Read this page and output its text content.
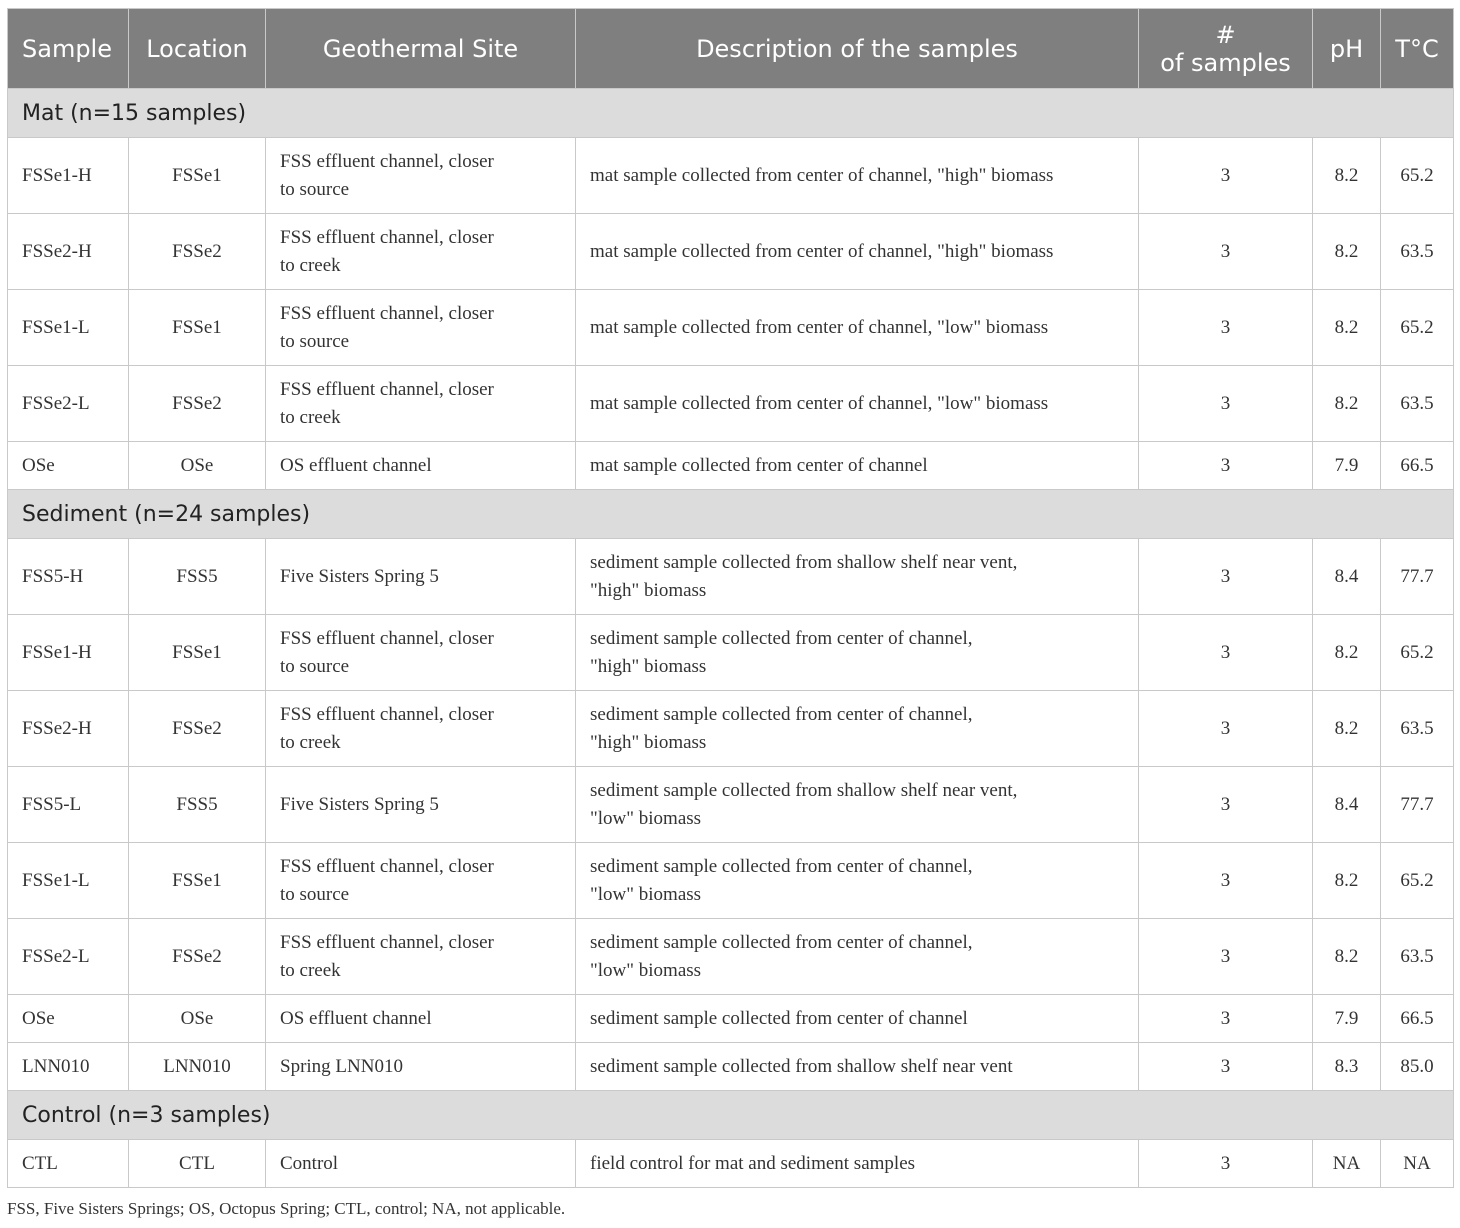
Sample	Location	Geothermal Site	Description of the samples	#
of samples	pH	T°C
Mat (n=15 samples)						
FSSe1-H	FSSe1	FSS effluent channel, closer
to source	mat sample collected from center of channel, "high" biomass	3	8.2	65.2
FSSe2-H	FSSe2	FSS effluent channel, closer
to creek	mat sample collected from center of channel, "high" biomass	3	8.2	63.5
FSSe1-L	FSSe1	FSS effluent channel, closer
to source	mat sample collected from center of channel, "low" biomass	3	8.2	65.2
FSSe2-L	FSSe2	FSS effluent channel, closer
to creek	mat sample collected from center of channel, "low" biomass	3	8.2	63.5
OSe	OSe	OS effluent channel	mat sample collected from center of channel	3	7.9	66.5
Sediment (n=24 samples)						
FSS5-H	FSS5	Five Sisters Spring 5	sediment sample collected from shallow shelf near vent,
"high" biomass	3	8.4	77.7
FSSe1-H	FSSe1	FSS effluent channel, closer
to source	sediment sample collected from center of channel,
"high" biomass	3	8.2	65.2
FSSe2-H	FSSe2	FSS effluent channel, closer
to creek	sediment sample collected from center of channel,
"high" biomass	3	8.2	63.5
FSS5-L	FSS5	Five Sisters Spring 5	sediment sample collected from shallow shelf near vent,
"low" biomass	3	8.4	77.7
FSSe1-L	FSSe1	FSS effluent channel, closer
to source	sediment sample collected from center of channel,
"low" biomass	3	8.2	65.2
FSSe2-L	FSSe2	FSS effluent channel, closer
to creek	sediment sample collected from center of channel,
"low" biomass	3	8.2	63.5
OSe	OSe	OS effluent channel	sediment sample collected from center of channel	3	7.9	66.5
LNN010	LNN010	Spring LNN010	sediment sample collected from shallow shelf near vent	3	8.3	85.0
Control (n=3 samples)						
CTL	CTL	Control	field control for mat and sediment samples	3	NA	NA

FSS, Five Sisters Springs; OS, Octopus Spring; CTL, control; NA, not applicable.
